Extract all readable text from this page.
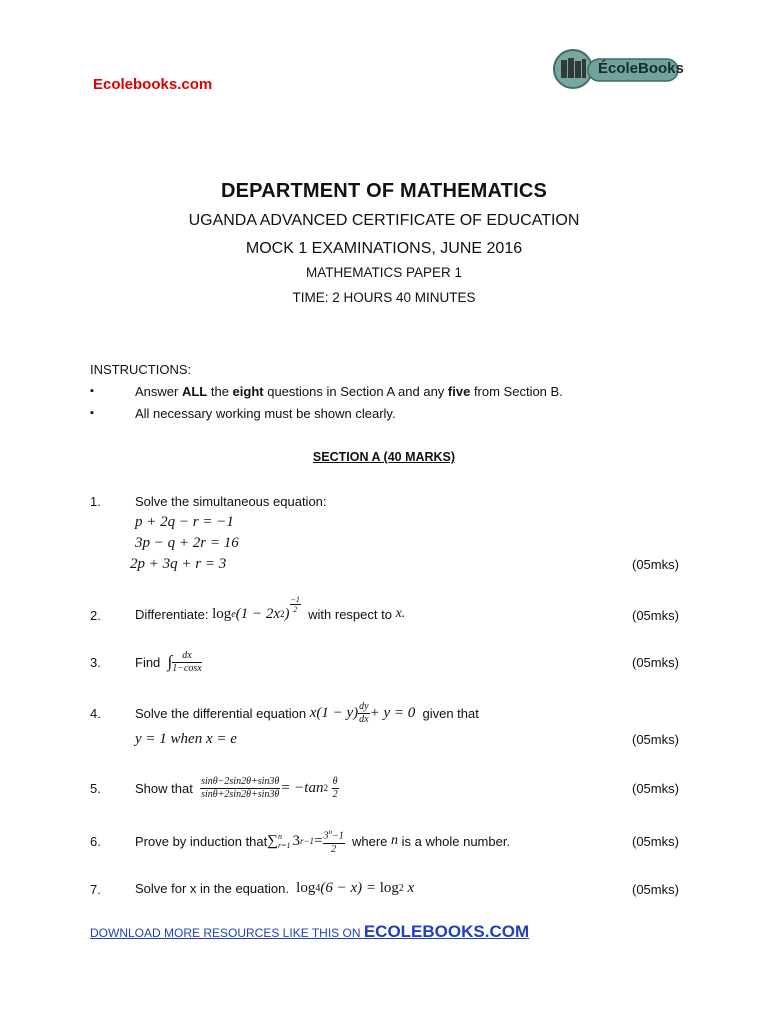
Ecolebooks.com
ÉcoleBooks
DEPARTMENT OF MATHEMATICS
UGANDA ADVANCED CERTIFICATE OF EDUCATION
MOCK 1 EXAMINATIONS, JUNE 2016
MATHEMATICS PAPER 1
TIME: 2 HOURS 40 MINUTES
INSTRUCTIONS:
▪	Answer ALL the eight questions in Section A and any five from Section B.
▪	All necessary working must be shown clearly.
SECTION A (40 MARKS)
1.	Solve the simultaneous equation:
p + 2q − r = −1
3p − q + 2r = 16
2p + 3q + r = 3	(05mks)
2.	Differentiate:
log e (1 − 2x 2 ) $\frac{-1}{2}$

with respect to
x.	(05mks)
3.	Find
∫ $\frac{dx}{1-\cos x}$	(05mks)
4.	Solve the differential equation
$x(1 - y) \frac{dy}{dx} + y = 0$
given that
y = 1 when x = e	(05mks)
5.	Show that
$\frac{\sin\theta-2\sin 2\theta+\sin 3\theta}{\sin\theta+2\sin 2\theta+\sin 3\theta} = -\tan$ 2
$\frac{\theta}{2}$	(05mks)
6.	Prove by induction that ∑ n
r=1 3 $r-1 = \frac{3^n-1}{2}$
where
n
is a whole number.	(05mks)
7.	Solve for x in the equation.
log 4 (6 − x) = log 2
x	(05mks)
DOWNLOAD MORE RESOURCES LIKE THIS ON ECOLEBOOKS.COM
